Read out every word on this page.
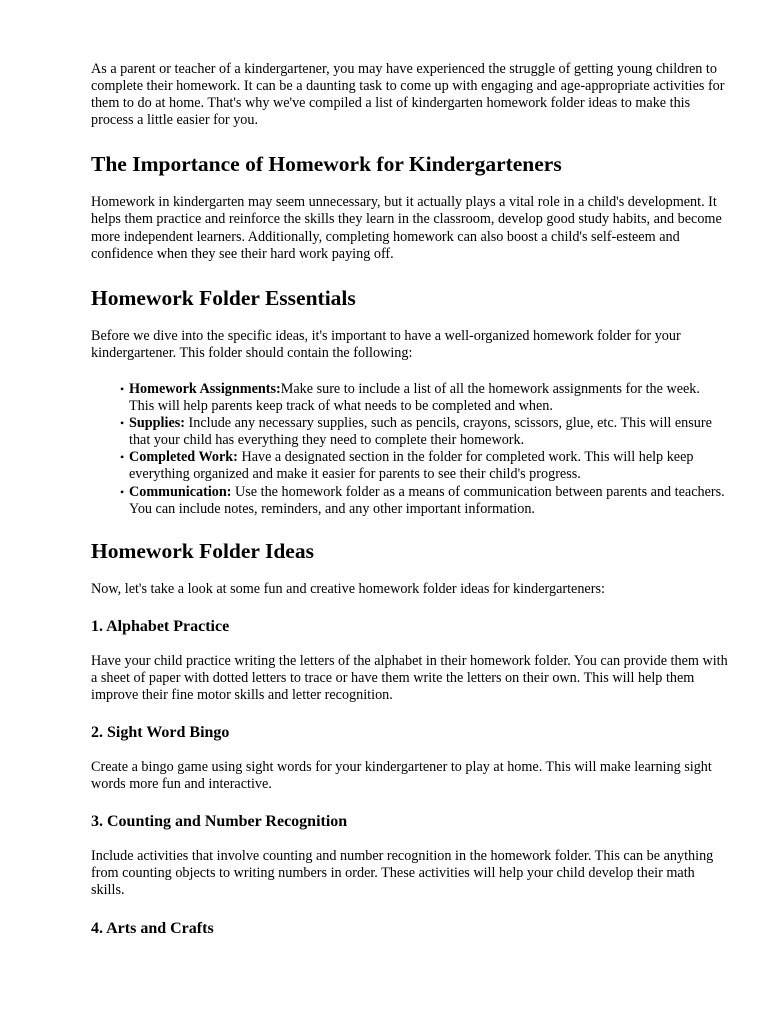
As a parent or teacher of a kindergartener, you may have experienced the struggle of getting young children to complete their homework. It can be a daunting task to come up with engaging and age-appropriate activities for them to do at home. That's why we've compiled a list of kindergarten homework folder ideas to make this process a little easier for you.

The Importance of Homework for Kindergarteners

Homework in kindergarten may seem unnecessary, but it actually plays a vital role in a child's development. It helps them practice and reinforce the skills they learn in the classroom, develop good study habits, and become more independent learners. Additionally, completing homework can also boost a child's self-esteem and confidence when they see their hard work paying off.

Homework Folder Essentials

Before we dive into the specific ideas, it's important to have a well-organized homework folder for your kindergartener. This folder should contain the following:

• Homework Assignments:Make sure to include a list of all the homework assignments for the week. This will help parents keep track of what needs to be completed and when.
• Supplies: Include any necessary supplies, such as pencils, crayons, scissors, glue, etc. This will ensure that your child has everything they need to complete their homework.
• Completed Work: Have a designated section in the folder for completed work. This will help keep everything organized and make it easier for parents to see their child's progress.
• Communication: Use the homework folder as a means of communication between parents and teachers. You can include notes, reminders, and any other important information.
Homework Folder Ideas

Now, let's take a look at some fun and creative homework folder ideas for kindergarteners:

1. Alphabet Practice

Have your child practice writing the letters of the alphabet in their homework folder. You can provide them with a sheet of paper with dotted letters to trace or have them write the letters on their own. This will help them improve their fine motor skills and letter recognition.

2. Sight Word Bingo

Create a bingo game using sight words for your kindergartener to play at home. This will make learning sight words more fun and interactive.

3. Counting and Number Recognition

Include activities that involve counting and number recognition in the homework folder. This can be anything from counting objects to writing numbers in order. These activities will help your child develop their math skills.

4. Arts and Crafts
